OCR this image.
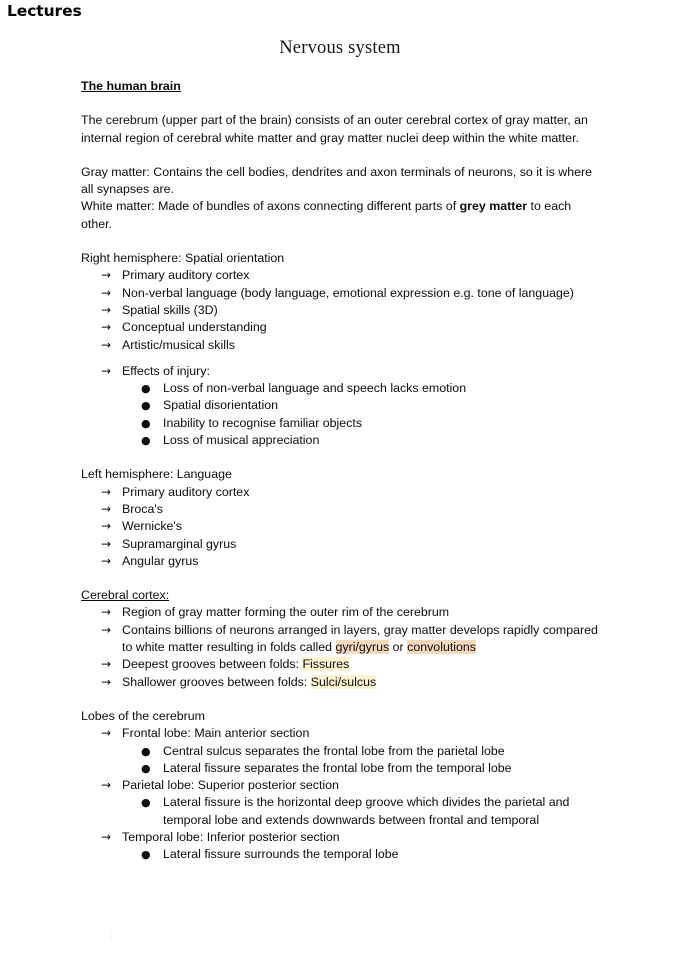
Lectures
Nervous system
The human brain

The cerebrum (upper part of the brain) consists of an outer cerebral cortex of gray matter, an internal region of cerebral white matter and gray matter nuclei deep within the white matter.

Gray matter: Contains the cell bodies, dendrites and axon terminals of neurons, so it is where all synapses are.

White matter: Made of bundles of axons connecting different parts of grey matter to each other.

Right hemisphere: Spatial orientation

→ Primary auditory cortex
→ Non-verbal language (body language, emotional expression e.g. tone of language)
→ Spatial skills (3D)
→ Conceptual understanding
→ Artistic/musical skills
→ Effects of injury:
● Loss of non-verbal language and speech lacks emotion
● Spatial disorientation
● Inability to recognise familiar objects
● Loss of musical appreciation

Left hemisphere: Language

→ Primary auditory cortex
→ Broca's
→ Wernicke's
→ Supramarginal gyrus
→ Angular gyrus

Cerebral cortex:

→ Region of gray matter forming the outer rim of the cerebrum
→ Contains billions of neurons arranged in layers, gray matter develops rapidly compared to white matter resulting in folds called gyri/gyrus or convolutions
→ Deepest grooves between folds: Fissures
→ Shallower grooves between folds: Sulci/sulcus

Lobes of the cerebrum

→ Frontal lobe: Main anterior section
● Central sulcus separates the frontal lobe from the parietal lobe
● Lateral fissure separates the frontal lobe from the temporal lobe
→ Parietal lobe: Superior posterior section
● Lateral fissure is the horizontal deep groove which divides the parietal and temporal lobe and extends downwards between frontal and temporal
→ Temporal lobe: Inferior posterior section
● Lateral fissure surrounds the temporal lobe
